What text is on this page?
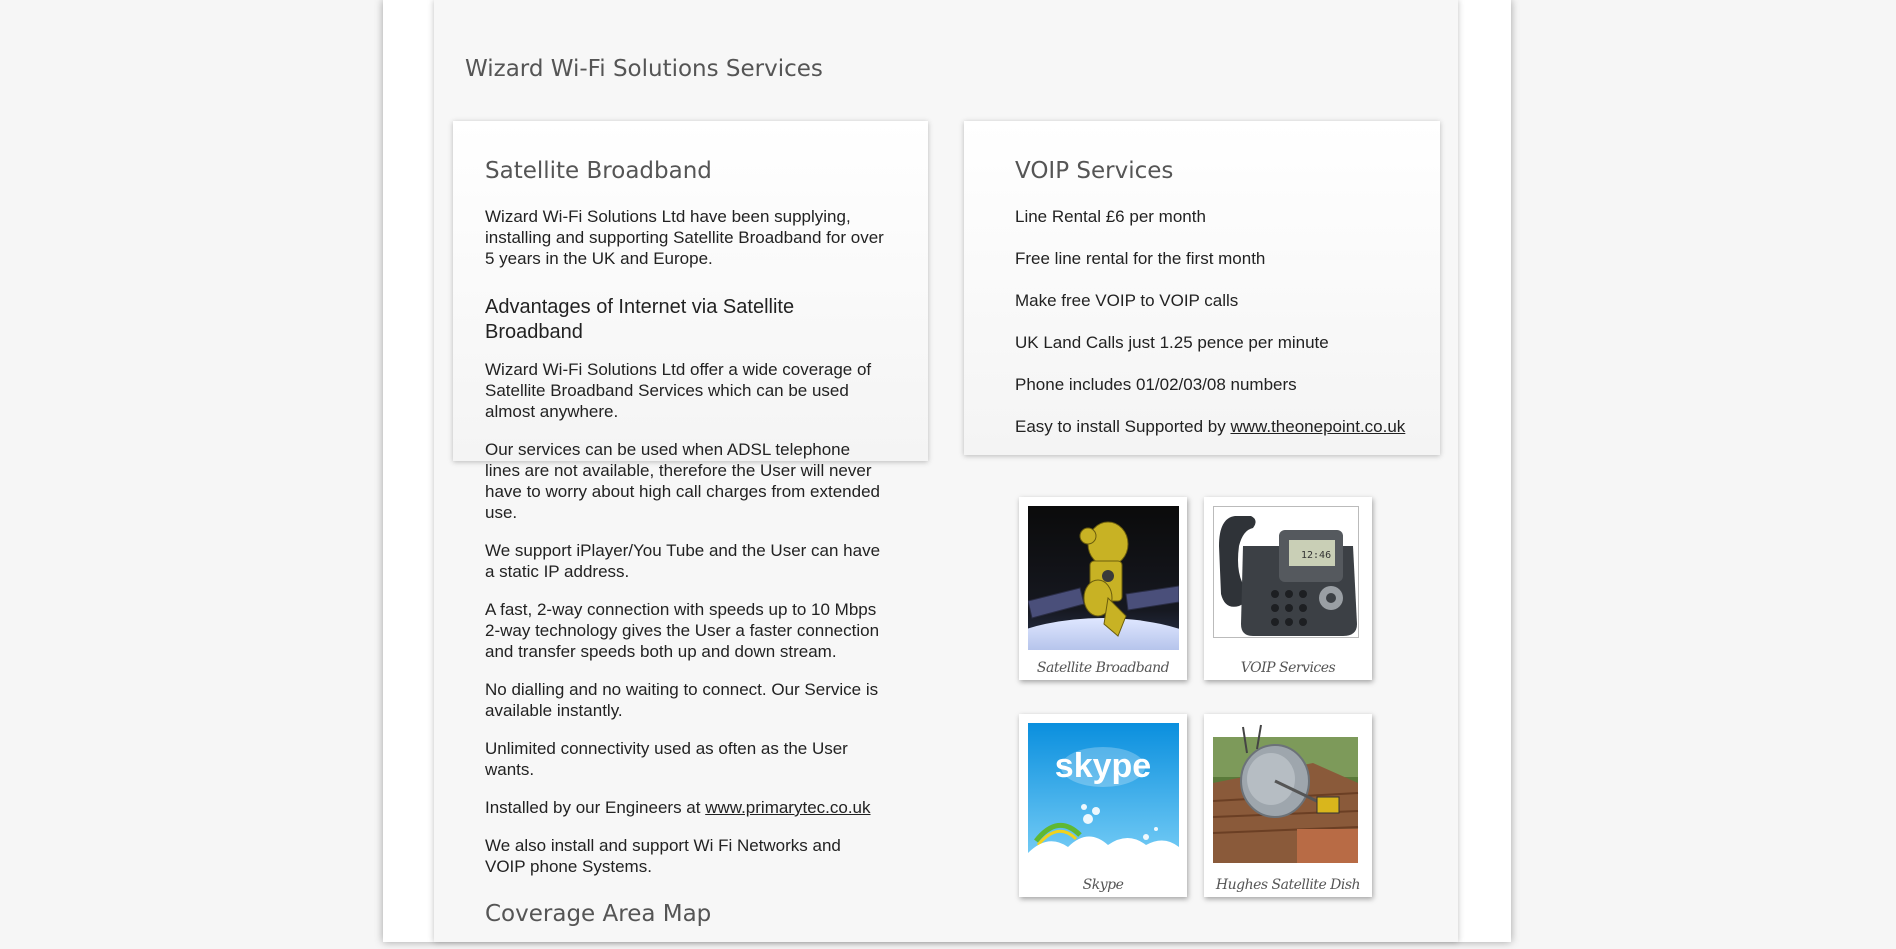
Wizard Wi-Fi Solutions Services
Satellite Broadband

Wizard Wi-Fi Solutions Ltd have been supplying, installing and supporting Satellite Broadband for over 5 years in the UK and Europe.

Advantages of Internet via Satellite Broadband

Wizard Wi-Fi Solutions Ltd offer a wide coverage of Satellite Broadband Services which can be used almost anywhere.

Our services can be used when ADSL telephone lines are not available, therefore the User will never have to worry about high call charges from extended use.

We support iPlayer/You Tube and the User can have a static IP address.

A fast, 2-way connection with speeds up to 10 Mbps 2-way technology gives the User a faster connection and transfer speeds both up and down stream.

No dialling and no waiting to connect. Our Service is available instantly.

Unlimited connectivity used as often as the User wants.

Installed by our Engineers at www.primarytec.co.uk

We also install and support Wi Fi Networks and VOIP phone Systems.

Coverage Area Map
VOIP Services

Line Rental £6 per month

Free line rental for the first month

Make free VOIP to VOIP calls

UK Land Calls just 1.25 pence per minute

Phone includes 01/02/03/08 numbers

Easy to install Supported by www.theonepoint.co.uk

Satellite Broadband
12:46
VOIP Services
skype
Skype	Hughes Satellite Dish
